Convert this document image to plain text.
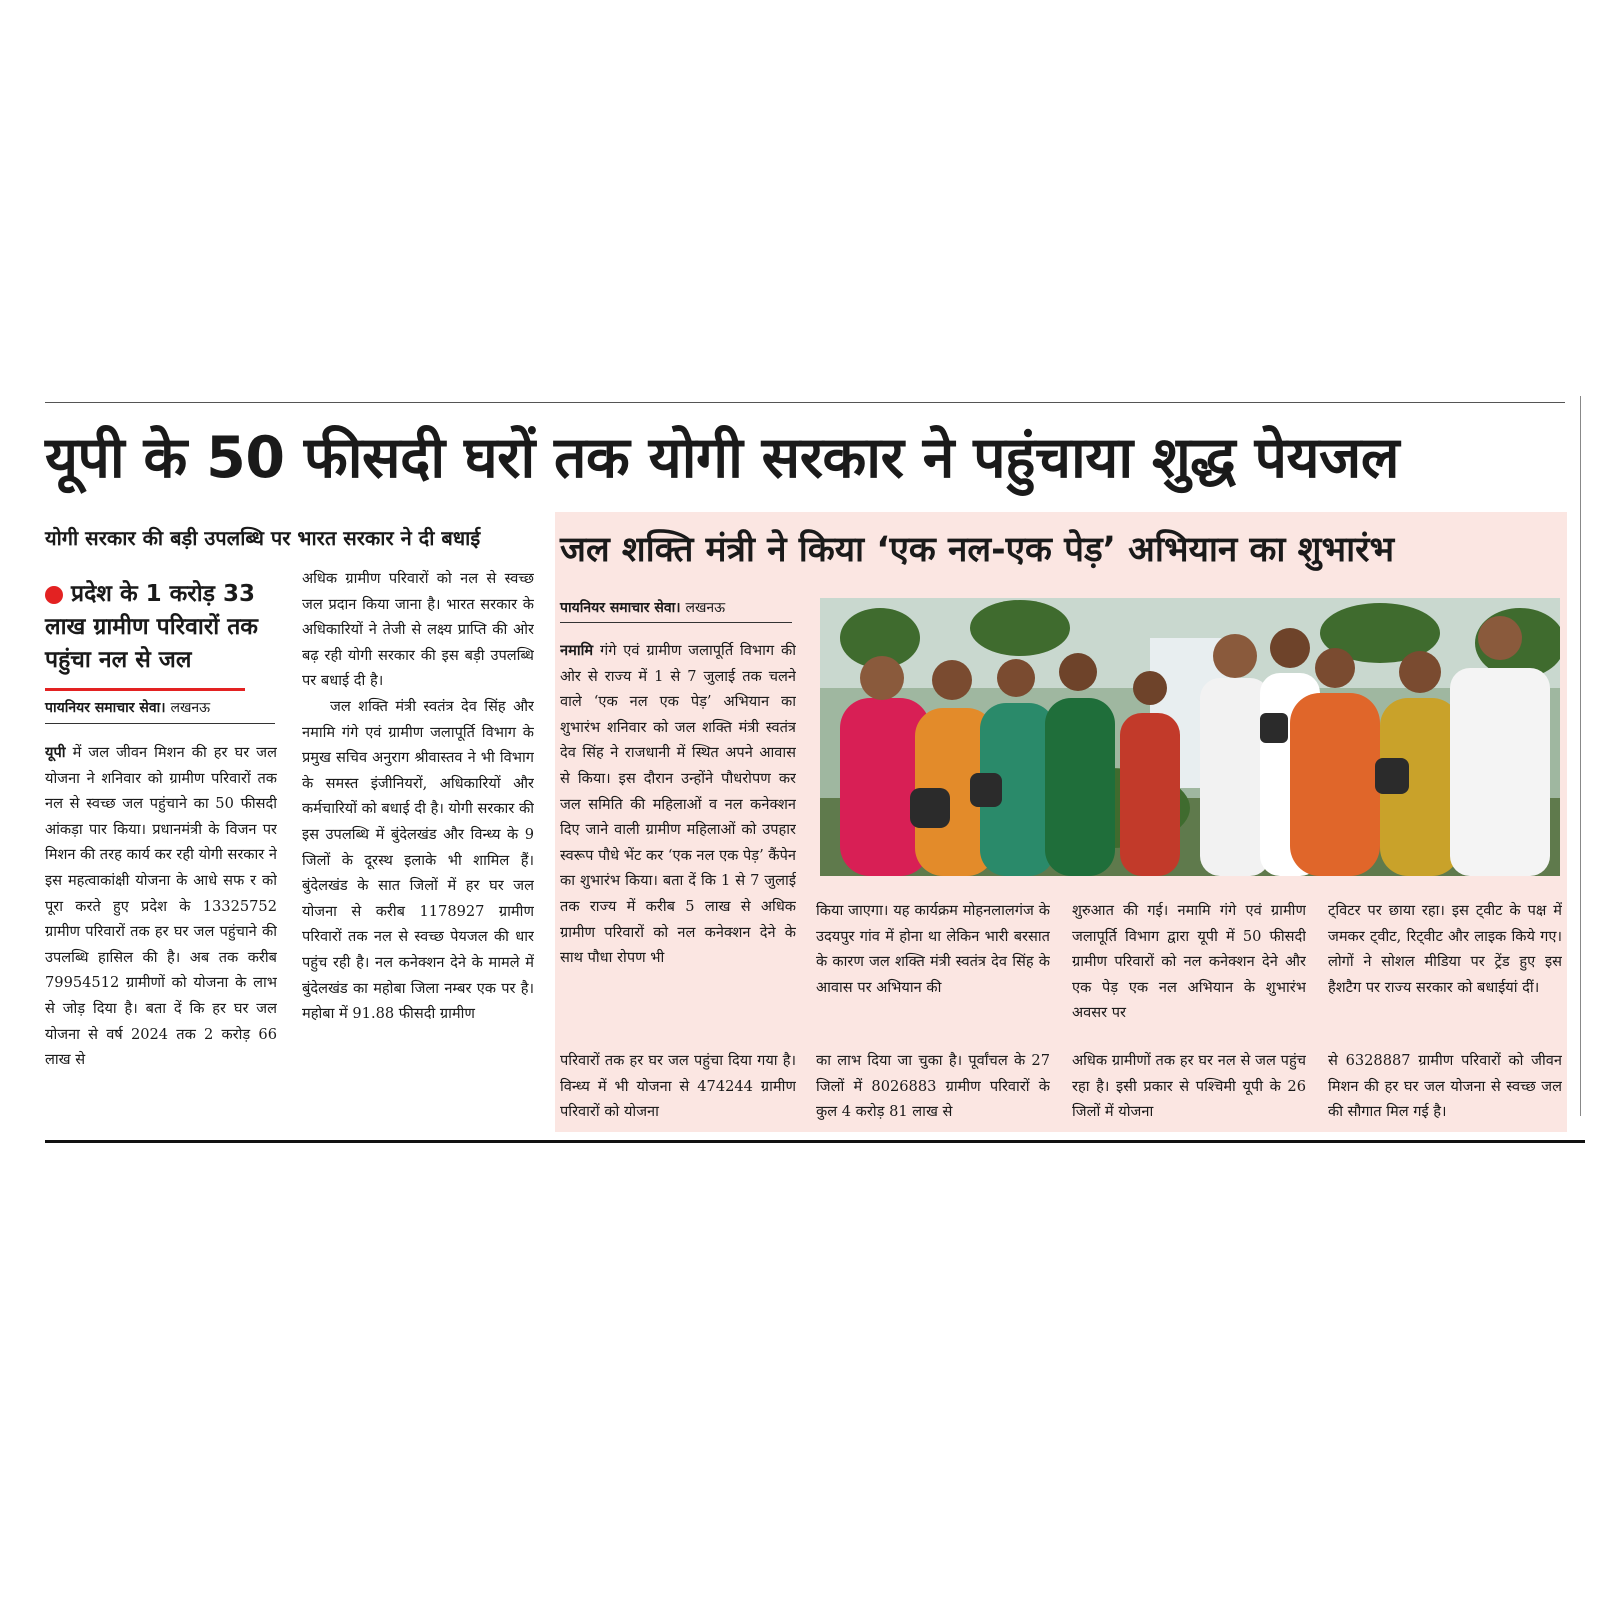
यूपी के 50 फीसदी घरों तक योगी सरकार ने पहुंचाया शुद्ध पेयजल
योगी सरकार की बड़ी उपलब्धि पर भारत सरकार ने दी बधाई	जल शक्ति मंत्री ने किया ‘एक नल-एक पेड़’ अभियान का शुभारंभ
प्रदेश के 1 करोड़ 33 लाख ग्रामीण परिवारों तक पहुंचा नल से जल
पायनियर समाचार सेवा। लखनऊ

यूपी में जल जीवन मिशन की हर घर जल योजना ने शनिवार को ग्रामीण परिवारों तक नल से स्वच्छ जल पहुंचाने का 50 फीसदी आंकड़ा पार किया। प्रधानमंत्री के विजन पर मिशन की तरह कार्य कर रही योगी सरकार ने इस महत्वाकांक्षी योजना के आधे सफ र को पूरा करते हुए प्रदेश के 13325752 ग्रामीण परिवारों तक हर घर जल पहुंचाने की उपलब्धि हासिल की है। अब तक करीब 79954512 ग्रामीणों को योजना के लाभ से जोड़ दिया है। बता दें कि हर घर जल योजना से वर्ष 2024 तक 2 करोड़ 66 लाख से

अधिक ग्रामीण परिवारों को नल से स्वच्छ जल प्रदान किया जाना है। भारत सरकार के अधिकारियों ने तेजी से लक्ष्य प्राप्ति की ओर बढ़ रही योगी सरकार की इस बड़ी उपलब्धि पर बधाई दी है।

जल शक्ति मंत्री स्वतंत्र देव सिंह और नमामि गंगे एवं ग्रामीण जलापूर्ति विभाग के प्रमुख सचिव अनुराग श्रीवास्तव ने भी विभाग के समस्त इंजीनियरों, अधिकारियों और कर्मचारियों को बधाई दी है। योगी सरकार की इस उपलब्धि में बुंदेलखंड और विन्ध्य के 9 जिलों के दूरस्थ इलाके भी शामिल हैं। बुंदेलखंड के सात जिलों में हर घर जल योजना से करीब 1178927 ग्रामीण परिवारों तक नल से स्वच्छ पेयजल की धार पहुंच रही है। नल कनेक्शन देने के मामले में बुंदेलखंड का महोबा जिला नम्बर एक पर है। महोबा में 91.88 फीसदी ग्रामीण

पायनियर समाचार सेवा। लखनऊ

नमामि गंगे एवं ग्रामीण जलापूर्ति विभाग की ओर से राज्य में 1 से 7 जुलाई तक चलने वाले ‘एक नल एक पेड़’ अभियान का शुभारंभ शनिवार को जल शक्ति मंत्री स्वतंत्र देव सिंह ने राजधानी में स्थित अपने आवास से किया। इस दौरान उन्होंने पौधरोपण कर जल समिति की महिलाओं व नल कनेक्शन दिए जाने वाली ग्रामीण महिलाओं को उपहार स्वरूप पौधे भेंट कर ‘एक नल एक पेड़’ कैंपेन का शुभारंभ किया। बता दें कि 1 से 7 जुलाई तक राज्य में करीब 5 लाख से अधिक ग्रामीण परिवारों को नल कनेक्शन देने के साथ पौधा रोपण भी

किया जाएगा। यह कार्यक्रम मोहनलालगंज के उदयपुर गांव में होना था लेकिन भारी बरसात के कारण जल शक्ति मंत्री स्वतंत्र देव सिंह के आवास पर अभियान की
शुरुआत की गई। नमामि गंगे एवं ग्रामीण जलापूर्ति विभाग द्वारा यूपी में 50 फीसदी ग्रामीण परिवारों को नल कनेक्शन देने और एक पेड़ एक नल अभियान के शुभारंभ अवसर पर
ट्विटर पर छाया रहा। इस ट्वीट के पक्ष में जमकर ट्वीट, रिट्वीट और लाइक किये गए। लोगों ने सोशल मीडिया पर ट्रेंड हुए इस हैशटैग पर राज्य सरकार को बधाईयां दीं।
परिवारों तक हर घर जल पहुंचा दिया गया है। विन्ध्य में भी योजना से 474244 ग्रामीण परिवारों को योजना
का लाभ दिया जा चुका है। पूर्वांचल के 27 जिलों में 8026883 ग्रामीण परिवारों के कुल 4 करोड़ 81 लाख से
अधिक ग्रामीणों तक हर घर नल से जल पहुंच रहा है। इसी प्रकार से पश्चिमी यूपी के 26 जिलों में योजना
से 6328887 ग्रामीण परिवारों को जीवन मिशन की हर घर जल योजना से स्वच्छ जल की सौगात मिल गई है।
